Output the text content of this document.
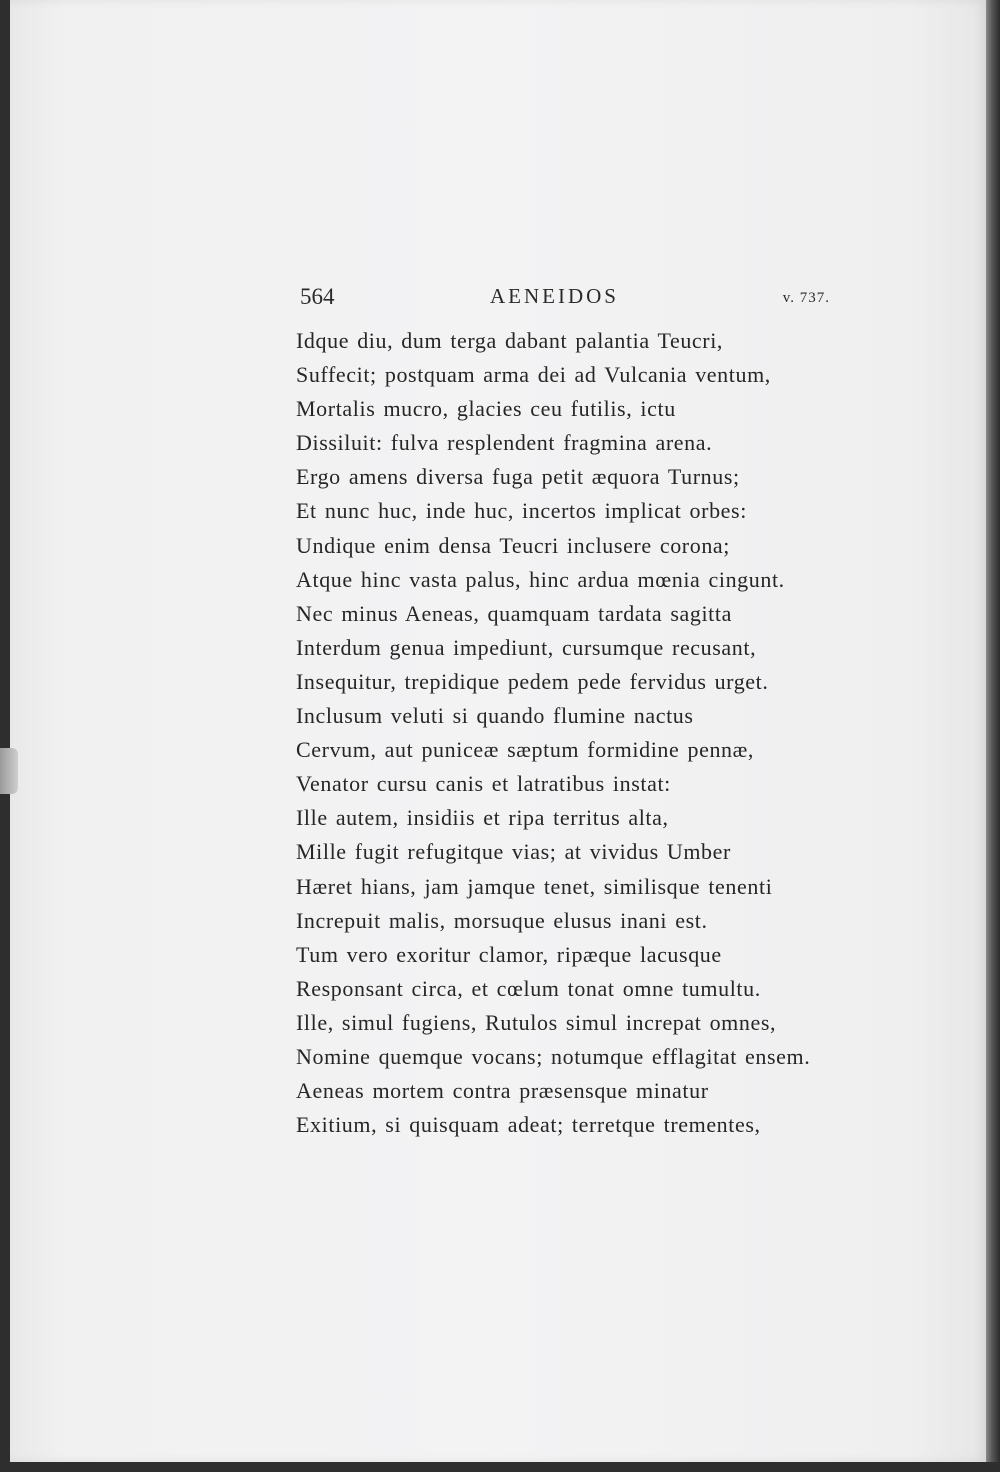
564	AENEIDOS	v. 737.
Idque diu, dum terga dabant palantia Teucri,
Suffecit; postquam arma dei ad Vulcania ventum,
Mortalis mucro, glacies ceu futilis, ictu
Dissiluit: fulva resplendent fragmina arena.
Ergo amens diversa fuga petit æquora Turnus;
Et nunc huc, inde huc, incertos implicat orbes:
Undique enim densa Teucri inclusere corona;
Atque hinc vasta palus, hinc ardua mœnia cingunt.
Nec minus Aeneas, quamquam tardata sagitta
Interdum genua impediunt, cursumque recusant,
Insequitur, trepidique pedem pede fervidus urget.
Inclusum veluti si quando flumine nactus
Cervum, aut puniceæ sæptum formidine pennæ,
Venator cursu canis et latratibus instat:
Ille autem, insidiis et ripa territus alta,
Mille fugit refugitque vias; at vividus Umber
Hæret hians, jam jamque tenet, similisque tenenti
Increpuit malis, morsuque elusus inani est.
Tum vero exoritur clamor, ripæque lacusque
Responsant circa, et cœlum tonat omne tumultu.
Ille, simul fugiens, Rutulos simul increpat omnes,
Nomine quemque vocans; notumque efflagitat ensem.
Aeneas mortem contra præsensque minatur
Exitium, si quisquam adeat; terretque trementes,
